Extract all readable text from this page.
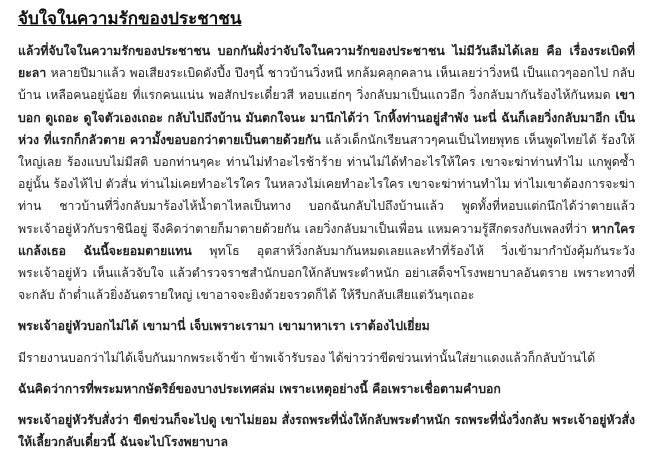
จับใจในความรักของประชาชน

แล้วที่จับใจในความรักของประชาชน บอกกันฝั่งว่าจับใจในความรักของประชาชน ไม่มีวันลืมได้เลย คือ เรื่องระเบิดที่ยะลา หลายปีมาแล้ว พอเสียงระเบิดดังปึ้ง ปึงๆนี้ ชาวบ้านวิ่งหนี หกล้มคลุกคลาน เห็นเลยว่าวิ่งหนี เป็นแถวๆออกไป กลับบ้าน เหลือคนอยู่น้อย ที่แรกคนแน่น พอสักประเดี๋ยวสี หอบแฮ่กๆ วิ่งกลับมาเป็นแถวอีก วิ่งกลับมากันร้องไห้กันหมด เขาบอก ดูเถอะ ดูใจตัวเองเถอะ กลับไปถึงบ้าน มันตกใจนะ มานึกได้ว่า โกหิ้งท่านอยู่สำพัง นะนี่ ฉันก็เลยวิ่งกลับมาอีก เป็นห่วง ที่แรกก็กลัวตาย ความั้งขอบอกว่าตายเป็นตายด้วยกัน แล้วเด็กนักเรียนสาวๆคนเป็นไทยพุทธ เห็นพูดไทยได้ ร้องให้ใหญ่เลย ร้องแบบไม่มีสติ บอกท่านๆคะ ท่านไม่ทำอะไรช้าร้าย ท่านไม่ได้ทำอะไรให้ใคร เขาจะฆ่าท่านทำไม แกพูดซ้ำอยู่นั้น ร้องไห้ไป ตัวสั่น ท่านไม่เคยทำอะไรใคร ในหลวงไม่เคยทำอะไรใคร เขาจะฆ่าท่านทำไม ท่าไมเขาต้องการจะฆ่าท่าน ชาวบ้านที่วิ่งกลับมาร้องไห้น้ำตาไหลเป็นทาง บอกฉันกลับไปถึงบ้านแล้ว พูดทั้งที่หอบแต่กนึกได้ว่าตายแล้ว พระเจ้าอยู่หัวกับราชินีอยู่ จึงคิดว่าตายก็มาตายด้วยกัน เลยวิ่งกลับมาเป็นเพื่อน แหมความรู้สึกตรงกับเพลงที่ว่า หากใครแกล้งเธอ ฉันนี้จะยอมตายแทน พุทโธ อุตสาห์วิ่งกลับมากันหมดเลยและทำที่ร้องไห้ วิ่งเข้ามากำบังคุ้มกันระวังพระเจ้าอยู่หัว เห็นแล้วจับใจ แล้วตำรวจราชสำนักบอกให้กลับพระตำหนัก อย่าเสด็จฯโรงพยาบาลอันตราย เพราะทางที่จะกลับ ถ้าต่ำแล้วยิ่งอันตรายใหญ่ เขาอาจจะยิงด้วยจรวดก็ได้ ให้รีบกลับเสียแต่วันๆเถอะ

พระเจ้าอยู่หัวบอกไม่ได้ เขามานี่ เจ็บเพราะเรามา เขามาหาเรา เราต้องไปเยี่ยม

มีรายงานบอกว่าไม่ได้เจ็บกันมากพระเจ้าข้า ข้าพเจ้ารับรอง ได้ข่าวว่าขีดข่วนเท่านั้นใส่ยาแดงแล้วก็กลับบ้านได้

ฉันคิดว่าการที่พระมหากษัตริย์ของบางประเทศล่ม เพราะเหตุอย่างนี้ คือเพราะเชื่อตามคำบอก

พระเจ้าอยู่หัวรับสั่งว่า ขีดข่วนก็จะไปดู เขาไม่ยอม สั่งรถพระที่นั่งให้กลับพระตำหนัก รถพระที่นั่งวิ่งกลับ พระเจ้าอยู่หัวสั่งให้เลี้ยวกลับเดี๋ยวนี้ ฉันจะไปโรงพยาบาล
